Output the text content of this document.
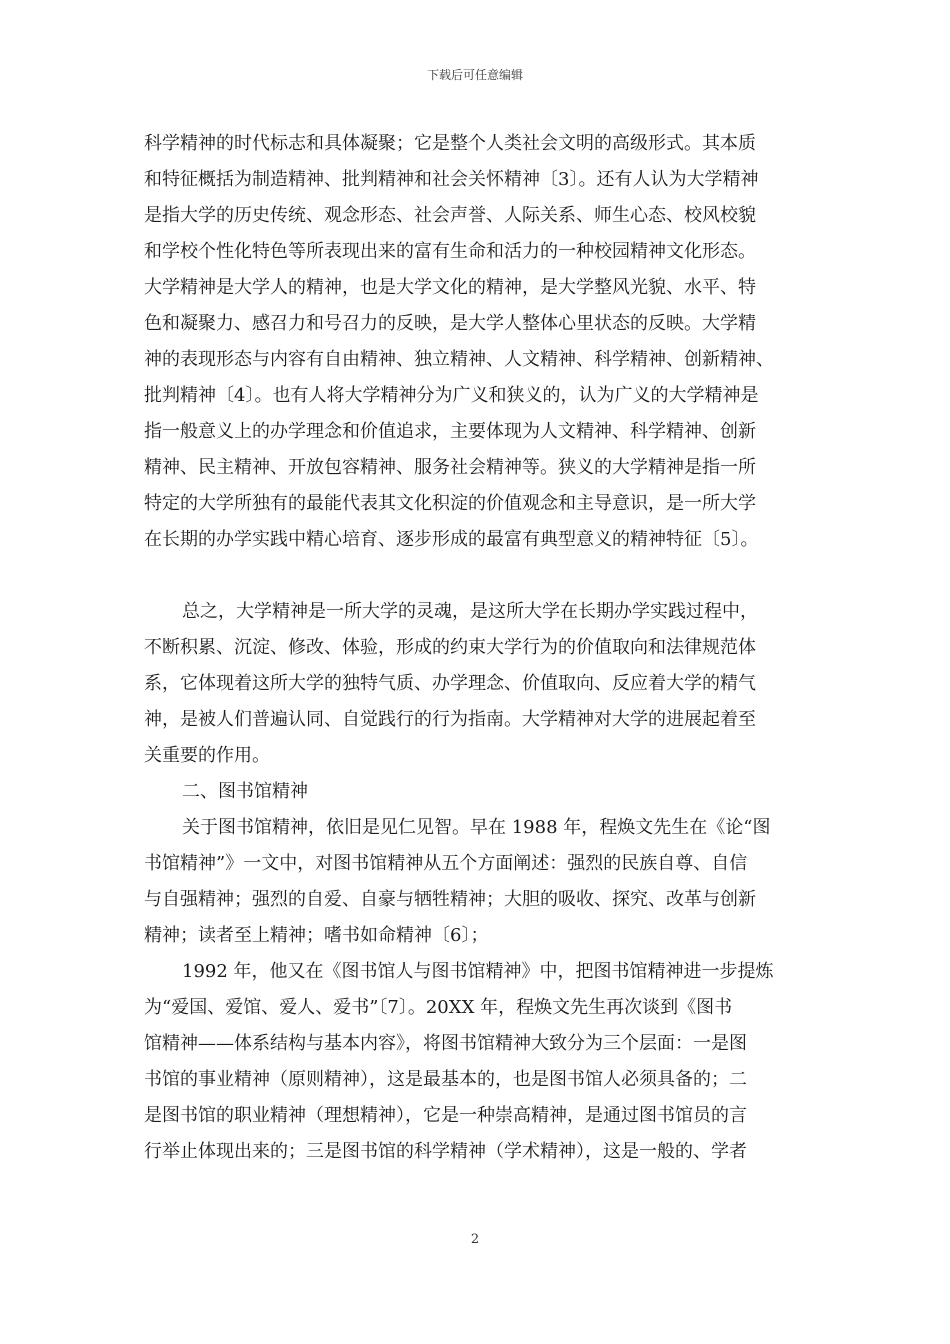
下载后可任意编辑
科学精神的时代标志和具体凝聚；它是整个人类社会文明的高级形式。其本质
和特征概括为制造精神、批判精神和社会关怀精神〔3〕。还有人认为大学精神
是指大学的历史传统、观念形态、社会声誉、人际关系、师生心态、校风校貌
和学校个性化特色等所表现出来的富有生命和活力的一种校园精神文化形态。
大学精神是大学人的精神，也是大学文化的精神，是大学整风光貌、水平、特
色和凝聚力、感召力和号召力的反映，是大学人整体心里状态的反映。大学精
神的表现形态与内容有自由精神、独立精神、人文精神、科学精神、创新精神、
批判精神〔4〕。也有人将大学精神分为广义和狭义的，认为广义的大学精神是
指一般意义上的办学理念和价值追求，主要体现为人文精神、科学精神、创新
精神、民主精神、开放包容精神、服务社会精神等。狭义的大学精神是指一所
特定的大学所独有的最能代表其文化积淀的价值观念和主导意识，是一所大学
在长期的办学实践中精心培育、逐步形成的最富有典型意义的精神特征〔5〕。
总之，大学精神是一所大学的灵魂，是这所大学在长期办学实践过程中，
不断积累、沉淀、修改、体验，形成的约束大学行为的价值取向和法律规范体
系，它体现着这所大学的独特气质、办学理念、价值取向、反应着大学的精气
神，是被人们普遍认同、自觉践行的行为指南。大学精神对大学的进展起着至
关重要的作用。
二、图书馆精神
关于图书馆精神，依旧是见仁见智。早在 1988 年，程焕文先生在《论“图
书馆精神”》一文中，对图书馆精神从五个方面阐述：强烈的民族自尊、自信
与自强精神；强烈的自爱、自豪与牺牲精神；大胆的吸收、探究、改革与创新
精神；读者至上精神；嗜书如命精神〔6〕；
1992 年，他又在《图书馆人与图书馆精神》中，把图书馆精神进一步提炼
为“爱国、爱馆、爱人、爱书”〔7〕。20XX 年，程焕文先生再次谈到《图书
馆精神——体系结构与基本内容》，将图书馆精神大致分为三个层面：一是图
书馆的事业精神（原则精神），这是最基本的，也是图书馆人必须具备的；二
是图书馆的职业精神（理想精神），它是一种崇高精神，是通过图书馆员的言
行举止体现出来的；三是图书馆的科学精神（学术精神），这是一般的、学者
2
